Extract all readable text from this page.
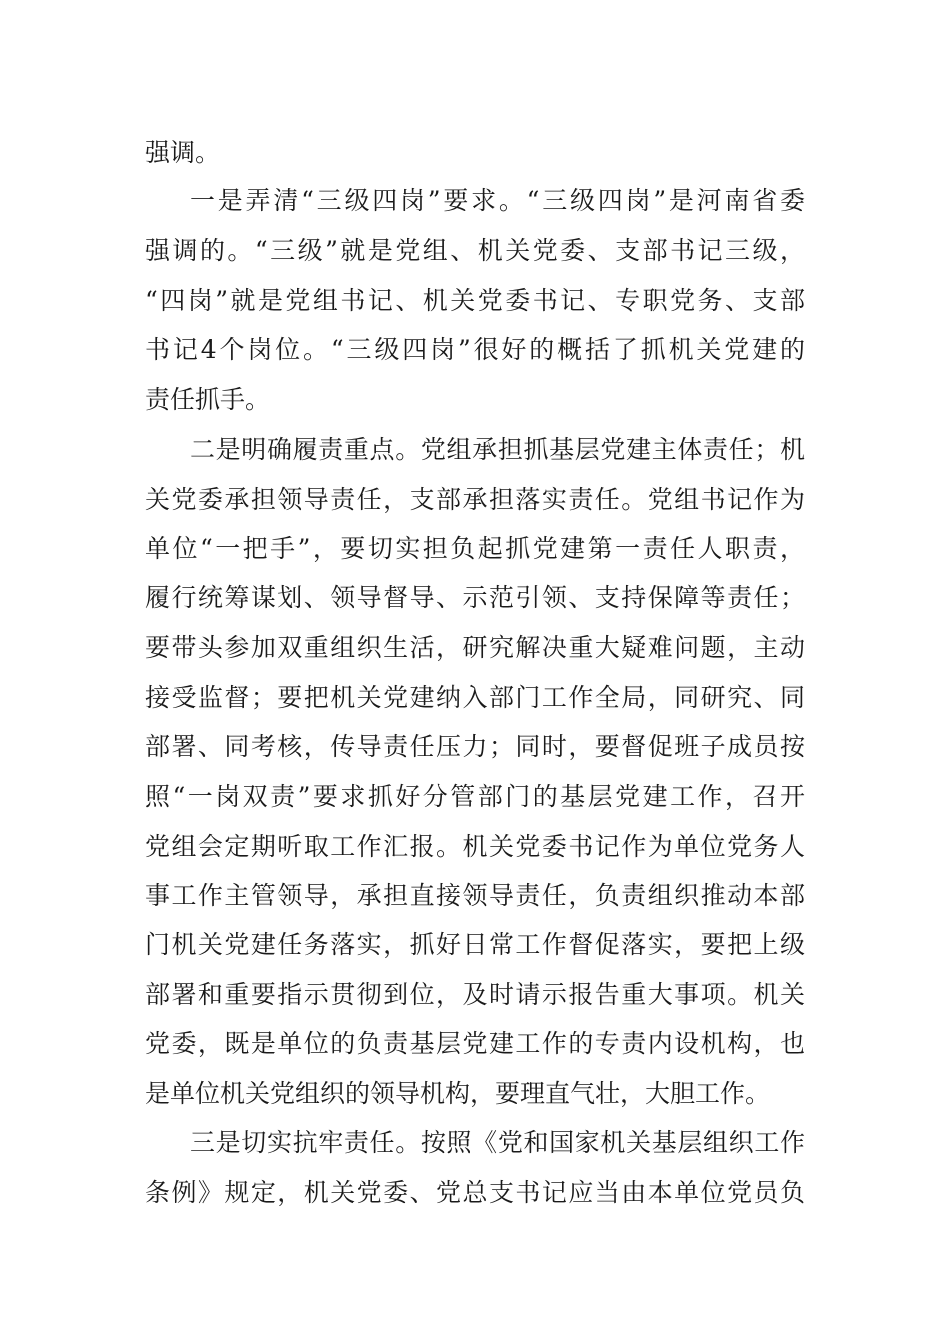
强调。
一是弄清“三级四岗”要求。“三级四岗”是河南省委
强调的。“三级”就是党组、机关党委、支部书记三级，
“四岗”就是党组书记、机关党委书记、专职党务、支部
书记4个岗位。“三级四岗”很好的概括了抓机关党建的
责任抓手。
二是明确履责重点。党组承担抓基层党建主体责任；机
关党委承担领导责任，支部承担落实责任。党组书记作为
单位“一把手”，要切实担负起抓党建第一责任人职责，
履行统筹谋划、领导督导、示范引领、支持保障等责任；
要带头参加双重组织生活，研究解决重大疑难问题，主动
接受监督；要把机关党建纳入部门工作全局，同研究、同
部署、同考核，传导责任压力；同时，要督促班子成员按
照“一岗双责”要求抓好分管部门的基层党建工作，召开
党组会定期听取工作汇报。机关党委书记作为单位党务人
事工作主管领导，承担直接领导责任，负责组织推动本部
门机关党建任务落实，抓好日常工作督促落实，要把上级
部署和重要指示贯彻到位，及时请示报告重大事项。机关
党委，既是单位的负责基层党建工作的专责内设机构，也
是单位机关党组织的领导机构，要理直气壮，大胆工作。
三是切实抗牢责任。按照《党和国家机关基层组织工作
条例》规定，机关党委、党总支书记应当由本单位党员负
